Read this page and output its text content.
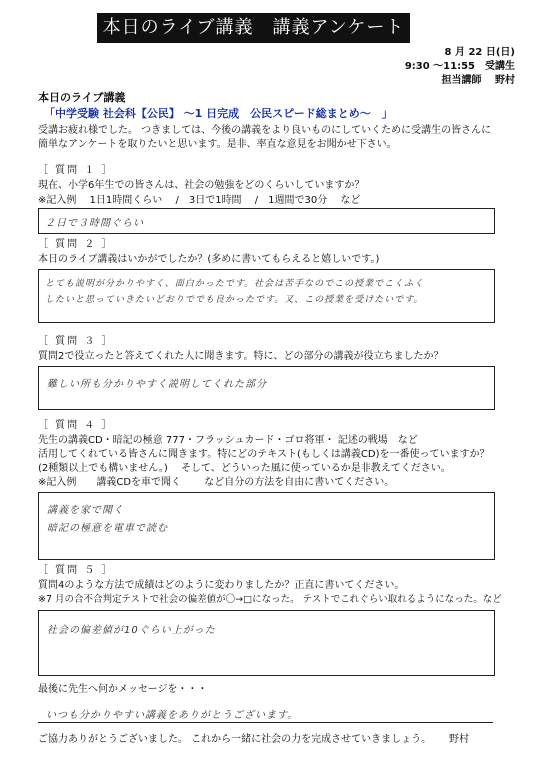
本日のライブ講義　講義アンケート
8 月 22 日(日)
9:30 ～11:55　受講生
担当講師　 野村
本日のライブ講義
「中学受験 社会科【公民】 ～1 日完成　公民スピード総まとめ～　」
受講お疲れ様でした。 つきましては、今後の講義をより良いものにしていくために受講生の皆さんに
簡単なアンケートを取りたいと思います。是非、率直な意見をお聞かせ下さい。
［ 質問 １ ］
現在、小学6年生での皆さんは、社会の勉強をどのくらいしていますか？
※記入例　 1日1時間くらい　 /　3日で1時間　 /　1週間で30分　 など
２日で３時間ぐらい
［ 質問 ２ ］
本日のライブ講義はいかがでしたか？(多めに書いてもらえると嬉しいです。)
とても説明が分かりやすく、面白かったです。社会は苦手なのでこの授業でこくふく
したいと思っていきたいどおりででも良かったです。又、この授業を受けたいです。
［ 質問 ３ ］
質問2で役立ったと答えてくれた人に聞きます。特に、どの部分の講義が役立ちましたか？
難しい所も分かりやすく説明してくれた部分
［ 質問 ４ ］
先生の講義CD・暗記の極意 777・フラッシュカード・ゴロ将軍・ 記述の戦場　など
活用してくれている皆さんに聞きます。特にどのテキスト(もしくは講義CD)を一番使っていますか？
(2種類以上でも構いません。)　 そして、どういった風に使っているか是非教えてください。
※記入例　　講義CDを車で聞く　　 など自分の方法を自由に書いてください。
講義を家で聞く
暗記の極意を電車で読む
［ 質問 ５ ］
質問4のような方法で成績はどのように変わりましたか？正直に書いてください。
※7 月の合不合判定テストで社会の偏差値が〇→□になった。 テストでこれぐらい取れるようになった。など
社会の偏差値が10ぐらい上がった
最後に先生へ何かメッセージを・・・
いつも分かりやすい講義をありがとうございます。
ご協力ありがとうございました。 これから一緒に社会の力を完成させていきましょう。 野村
